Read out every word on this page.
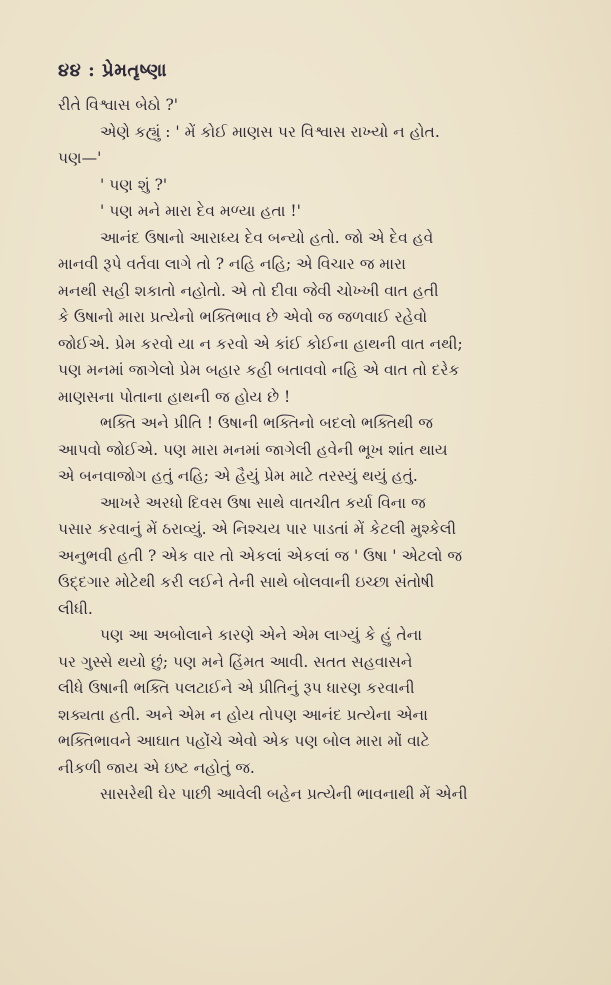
૪૪ : પ્રેમતૃષ્ણા
રીતે વિશ્વાસ બેઠો ?'
એણે કહ્યું : ' મેં કોઈ માણસ પર વિશ્વાસ રાખ્યો ન હોત.
પણ—'
' પણ શું ?'
' પણ મને મારા દેવ મળ્યા હતા !'
આનંદ ઉષાનો આરાધ્ય દેવ બન્યો હતો. જો એ દેવ હવે
માનવી રૂપે વર્તવા લાગે તો ? નહિ નહિ; એ વિચાર જ મારા
મનથી સહી શકાતો નહોતો. એ તો દીવા જેવી ચોખ્ખી વાત હતી
કે ઉષાનો મારા પ્રત્યેનો ભક્તિભાવ છે એવો જ જળવાઈ રહેવો
જોઈએ. પ્રેમ કરવો યા ન કરવો એ કાંઈ કોઈના હાથની વાત નથી;
પણ મનમાં જાગેલો પ્રેમ બહાર કહી બતાવવો નહિ એ વાત તો દરેક
માણસના પોતાના હાથની જ હોય છે !
ભક્તિ અને પ્રીતિ ! ઉષાની ભક્તિનો બદલો ભક્તિથી જ
આપવો જોઈએ. પણ મારા મનમાં જાગેલી હવેની ભૂખ શાંત થાય
એ બનવાજોગ હતું નહિ; એ હૈયું પ્રેમ માટે તરસ્યું થયું હતું.
આખરે અરધો દિવસ ઉષા સાથે વાતચીત કર્યા વિના જ
પસાર કરવાનું મેં ઠરાવ્યું. એ નિશ્ચય પાર પાડતાં મેં કેટલી મુશ્કેલી
અનુભવી હતી ? એક વાર તો એકલાં એકલાં જ ' ઉષા ' એટલો જ
ઉદ્દગાર મોટેથી કરી લઈને તેની સાથે બોલવાની ઇચ્છા સંતોષી
લીધી.
પણ આ અબોલાને કારણે એને એમ લાગ્યું કે હું તેના
પર ગુસ્સે થયો છું; પણ મને હિંમત આવી. સતત સહવાસને
લીધે ઉષાની ભક્તિ પલટાઈને એ પ્રીતિનું રૂપ ધારણ કરવાની
શક્યતા હતી. અને એમ ન હોય તોપણ આનંદ પ્રત્યેના એના
ભક્તિભાવને આઘાત પહોંચે એવો એક પણ બોલ મારા મોં વાટે
નીકળી જાય એ ઇષ્ટ નહોતું જ.
સાસરેથી ઘેર પાછી આવેલી બહેન પ્રત્યેની ભાવનાથી મેં એની
